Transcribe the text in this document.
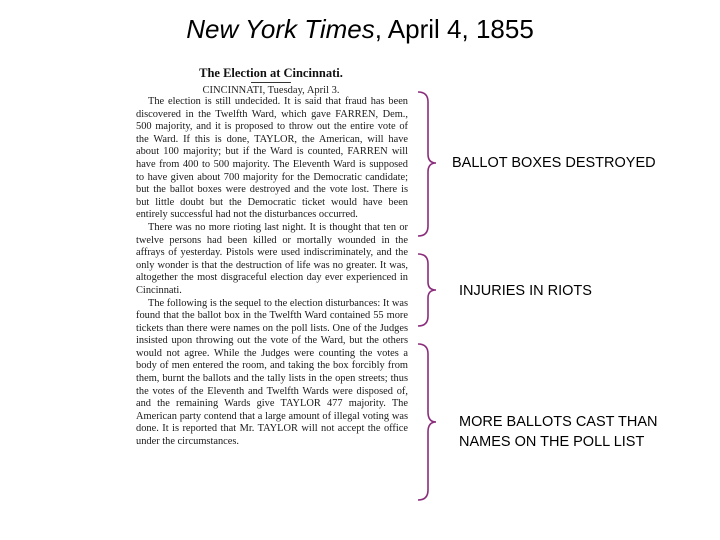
New York Times, April 4, 1855
The Election at Cincinnati.
CINCINNATI, Tuesday, April 3.

The election is still undecided. It is said that fraud has been discovered in the Twelfth Ward, which gave FARREN, Dem., 500 majority, and it is proposed to throw out the entire vote of the Ward. If this is done, TAYLOR, the American, will have about 100 majority; but if the Ward is counted, FARREN will have from 400 to 500 majority. The Eleventh Ward is supposed to have given about 700 majority for the Democratic candidate; but the ballot boxes were destroyed and the vote lost. There is but little doubt but the Democratic ticket would have been entirely successful had not the disturbances occurred.

There was no more rioting last night. It is thought that ten or twelve persons had been killed or mortally wounded in the affrays of yesterday. Pistols were used indiscriminately, and the only wonder is that the destruction of life was no greater. It was, altogether the most disgraceful election day ever experienced in Cincinnati.

The following is the sequel to the election disturbances: It was found that the ballot box in the Twelfth Ward contained 55 more tickets than there were names on the poll lists. One of the Judges insisted upon throwing out the vote of the Ward, but the others would not agree. While the Judges were counting the votes a body of men entered the room, and taking the box forcibly from them, burnt the ballots and the tally lists in the open streets; thus the votes of the Eleventh and Twelfth Wards were disposed of, and the remaining Wards give TAYLOR 477 majority. The American party contend that a large amount of illegal voting was done. It is reported that Mr. TAYLOR will not accept the office under the circumstances.

BALLOT BOXES DESTROYED
INJURIES IN RIOTS
MORE BALLOTS CAST THAN NAMES ON THE POLL LIST
